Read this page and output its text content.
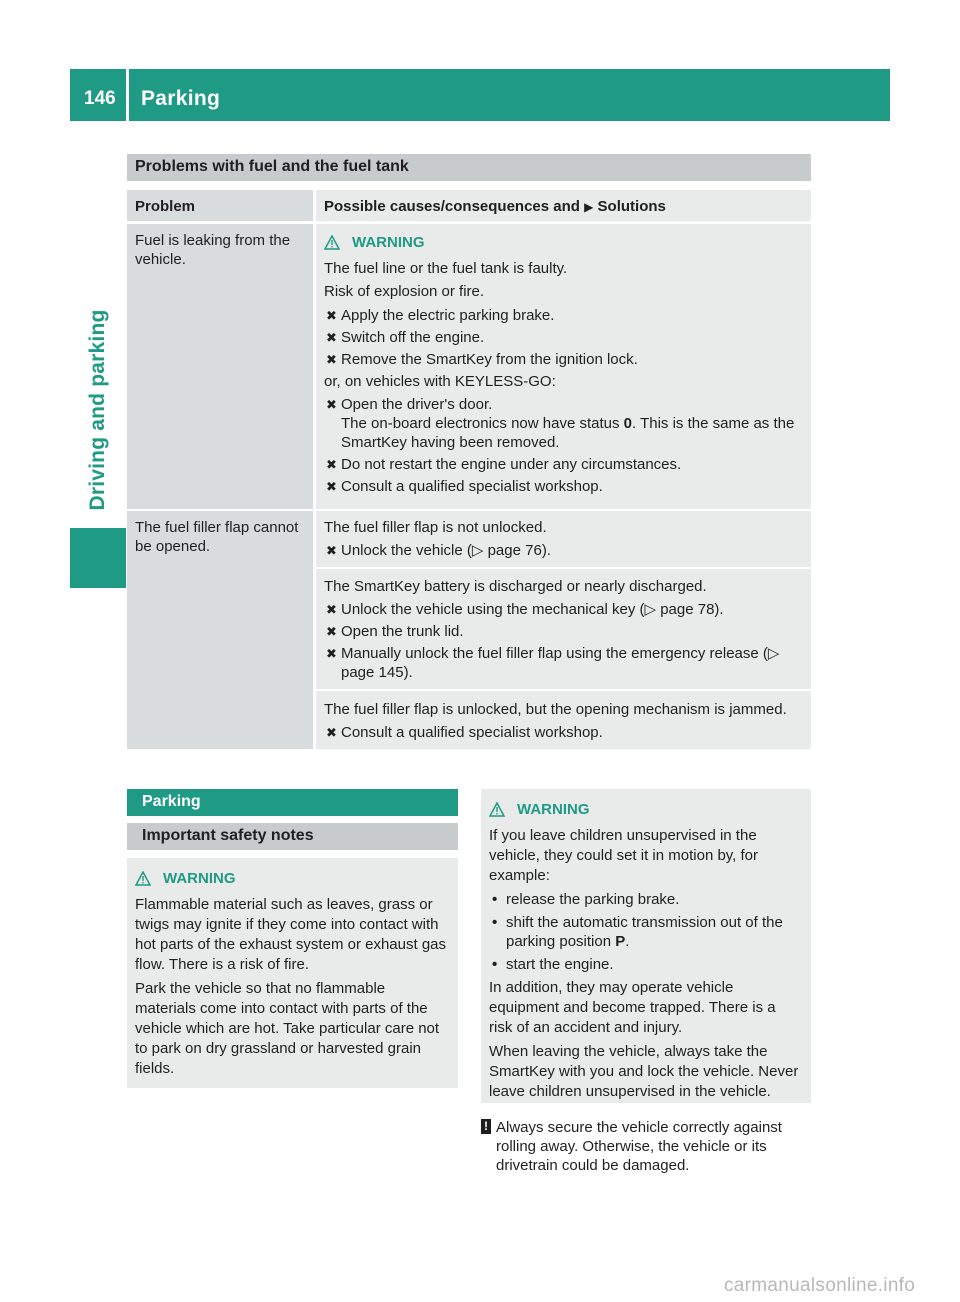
146 Parking
Driving and parking
Problems with fuel and the fuel tank
Problem	Possible causes/consequences and ▶ Solutions
Fuel is leaking from the vehicle.
WARNING
The fuel line or the fuel tank is faulty.
Risk of explosion or fire.
✖ Apply the electric parking brake.
✖ Switch off the engine.
✖ Remove the SmartKey from the ignition lock.
or, on vehicles with KEYLESS-GO:
✖ Open the driver's door.
The on-board electronics now have status 0. This is the same as the SmartKey having been removed.
✖ Do not restart the engine under any circumstances.
✖ Consult a qualified specialist workshop.
The fuel filler flap cannot be opened.
The fuel filler flap is not unlocked.
✖ Unlock the vehicle (▷ page 76).
The SmartKey battery is discharged or nearly discharged.
✖ Unlock the vehicle using the mechanical key (▷ page 78).
✖ Open the trunk lid.
✖ Manually unlock the fuel filler flap using the emergency release (▷ page 145).
The fuel filler flap is unlocked, but the opening mechanism is jammed.
✖ Consult a qualified specialist workshop.
Parking
Important safety notes
WARNING
Flammable material such as leaves, grass or twigs may ignite if they come into contact with hot parts of the exhaust system or exhaust gas flow. There is a risk of fire.
Park the vehicle so that no flammable materials come into contact with parts of the vehicle which are hot. Take particular care not to park on dry grassland or harvested grain fields.
WARNING
If you leave children unsupervised in the vehicle, they could set it in motion by, for example:
• release the parking brake.
• shift the automatic transmission out of the parking position P.
• start the engine.
In addition, they may operate vehicle equipment and become trapped. There is a risk of an accident and injury.
When leaving the vehicle, always take the SmartKey with you and lock the vehicle. Never leave children unsupervised in the vehicle.
! Always secure the vehicle correctly against rolling away. Otherwise, the vehicle or its drivetrain could be damaged.
carmanualsonline.info
